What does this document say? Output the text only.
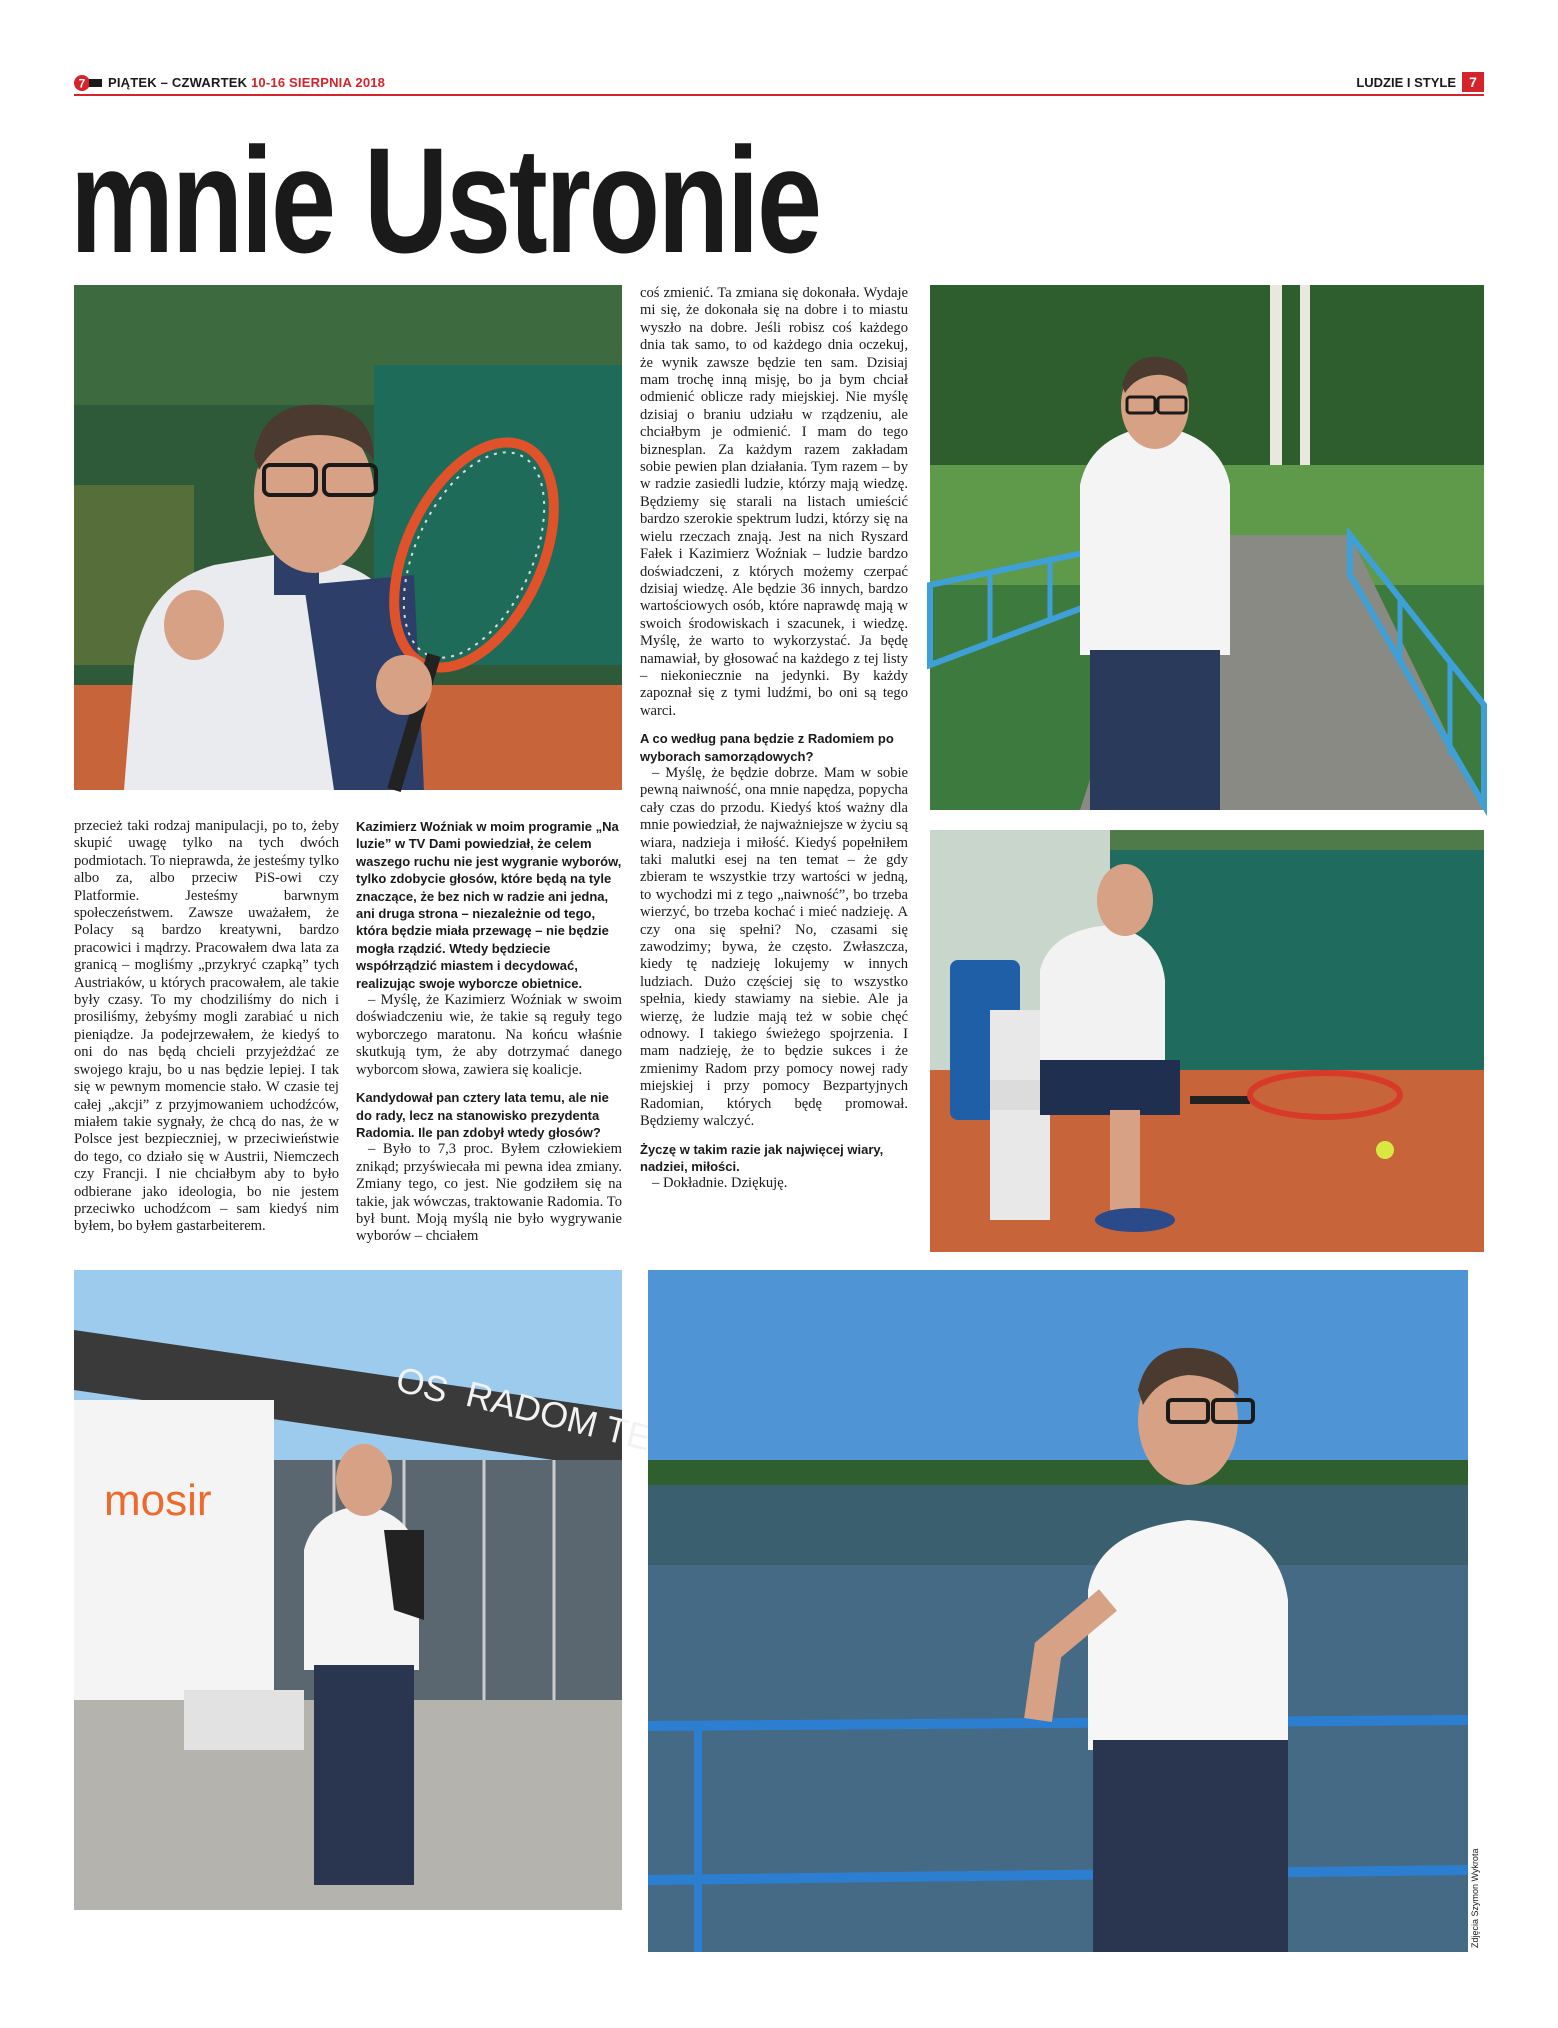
7 PIĄTEK – CZWARTEK 10-16 SIERPNIA 2018	LUDZIE I STYLE 7
mnie Ustronie
OS RADOM
mosir
Zdjęcia Szymon Wykrota

przecież taki rodzaj manipulacji, po to, żeby skupić uwagę tylko na tych dwóch podmiotach. To nieprawda, że jesteśmy tylko albo za, albo przeciw PiS-owi czy Platformie. Jesteśmy barwnym społeczeństwem. Zawsze uważałem, że Polacy są bardzo kreatywni, bardzo pracowici i mądrzy. Pracowałem dwa lata za granicą – mogliśmy „przykryć czapką” tych Austriaków, u których pracowałem, ale takie były czasy. To my chodziliśmy do nich i prosiliśmy, żebyśmy mogli zarabiać u nich pieniądze. Ja podejrzewałem, że kiedyś to oni do nas będą chcieli przyjeżdżać ze swojego kraju, bo u nas będzie lepiej. I tak się w pewnym momencie stało. W czasie tej całej „akcji” z przyjmowaniem uchodźców, miałem takie sygnały, że chcą do nas, że w Polsce jest bezpieczniej, w przeciwieństwie do tego, co działo się w Austrii, Niemczech czy Francji. I nie chciałbym aby to było odbierane jako ideologia, bo nie jestem przeciwko uchodźcom – sam kiedyś nim byłem, bo byłem gastarbeiterem.

Kazimierz Woźniak w moim programie „Na luzie” w TV Dami powiedział, że celem waszego ruchu nie jest wygranie wyborów, tylko zdobycie głosów, które będą na tyle znaczące, że bez nich w radzie ani jedna, ani druga strona – niezależnie od tego, która będzie miała przewagę – nie będzie mogła rządzić. Wtedy będziecie współrządzić miastem i decydować, realizując swoje wyborcze obietnice.

– Myślę, że Kazimierz Woźniak w swoim doświadczeniu wie, że takie są reguły tego wyborczego maratonu. Na końcu właśnie skutkują tym, że aby dotrzymać danego wyborcom słowa, zawiera się koalicje.

Kandydował pan cztery lata temu, ale nie do rady, lecz na stanowisko prezydenta Radomia. Ile pan zdobył wtedy głosów?

– Było to 7,3 proc. Byłem człowiekiem znikąd; przyświecała mi pewna idea zmiany. Zmiany tego, co jest. Nie godziłem się na takie, jak wówczas, traktowanie Radomia. To był bunt. Moją myślą nie było wygrywanie wyborów – chciałem

coś zmienić. Ta zmiana się dokonała. Wydaje mi się, że dokonała się na dobre i to miastu wyszło na dobre. Jeśli robisz coś każdego dnia tak samo, to od każdego dnia oczekuj, że wynik zawsze będzie ten sam. Dzisiaj mam trochę inną misję, bo ja bym chciał odmienić oblicze rady miejskiej. Nie myślę dzisiaj o braniu udziału w rządzeniu, ale chciałbym je odmienić. I mam do tego biznesplan. Za każdym razem zakładam sobie pewien plan działania. Tym razem – by w radzie zasiedli ludzie, którzy mają wiedzę. Będziemy się starali na listach umieścić bardzo szerokie spektrum ludzi, którzy się na wielu rzeczach znają. Jest na nich Ryszard Fałek i Kazimierz Woźniak – ludzie bardzo doświadczeni, z których możemy czerpać dzisiaj wiedzę. Ale będzie 36 innych, bardzo wartościowych osób, które naprawdę mają w swoich środowiskach i szacunek, i wiedzę. Myślę, że warto to wykorzystać. Ja będę namawiał, by głosować na każdego z tej listy – niekoniecznie na jedynki. By każdy zapoznał się z tymi ludźmi, bo oni są tego warci.

A co według pana będzie z Radomiem po wyborach samorządowych?

– Myślę, że będzie dobrze. Mam w sobie pewną naiwność, ona mnie napędza, popycha cały czas do przodu. Kiedyś ktoś ważny dla mnie powiedział, że najważniejsze w życiu są wiara, nadzieja i miłość. Kiedyś popełniłem taki malutki esej na ten temat – że gdy zbieram te wszystkie trzy wartości w jedną, to wychodzi mi z tego „naiwność”, bo trzeba wierzyć, bo trzeba kochać i mieć nadzieję. A czy ona się spełni? No, czasami się zawodzimy; bywa, że często. Zwłaszcza, kiedy tę nadzieję lokujemy w innych ludziach. Dużo częściej się to wszystko spełnia, kiedy stawiamy na siebie. Ale ja wierzę, że ludzie mają też w sobie chęć odnowy. I takiego świeżego spojrzenia. I mam nadzieję, że to będzie sukces i że zmienimy Radom przy pomocy nowej rady miejskiej i przy pomocy Bezpartyjnych Radomian, których będę promował. Będziemy walczyć.

Życzę w takim razie jak najwięcej wiary, nadziei, miłości.

– Dokładnie. Dziękuję.
